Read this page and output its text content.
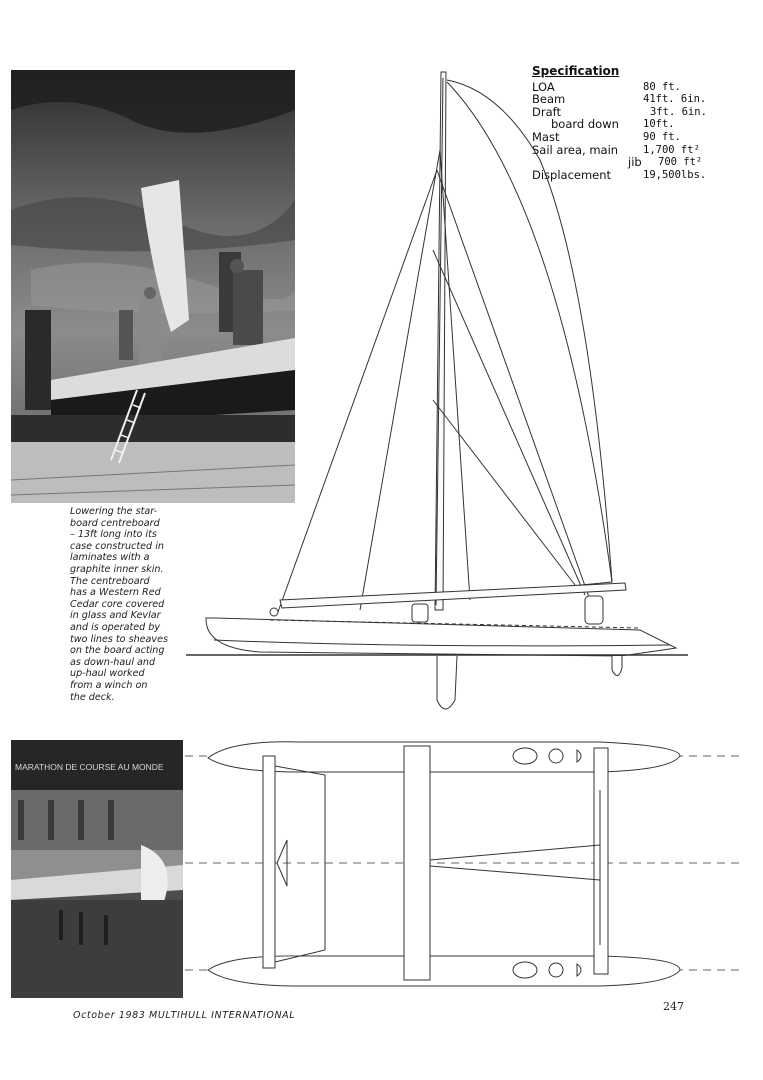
Lowering the star-
board centreboard
– 13ft long into its
case constructed in
laminates with a
graphite inner skin.
The centreboard
has a Western Red
Cedar core covered
in glass and Kevlar
and is operated by
two lines to sheaves
on the board acting
as down-haul and
up-haul worked
from a winch on
the deck.
Specification
LOA	80 ft.
Beam	41ft. 6in.
Draft	3ft. 6in.
board down 10ft.
Mast	90 ft.
Sail area, main 1,700 ft²
jib 700 ft²
Displacement	19,500lbs.
MARATHON DE COURSE AU MONDE
October 1983 MULTIHULL INTERNATIONAL
247
